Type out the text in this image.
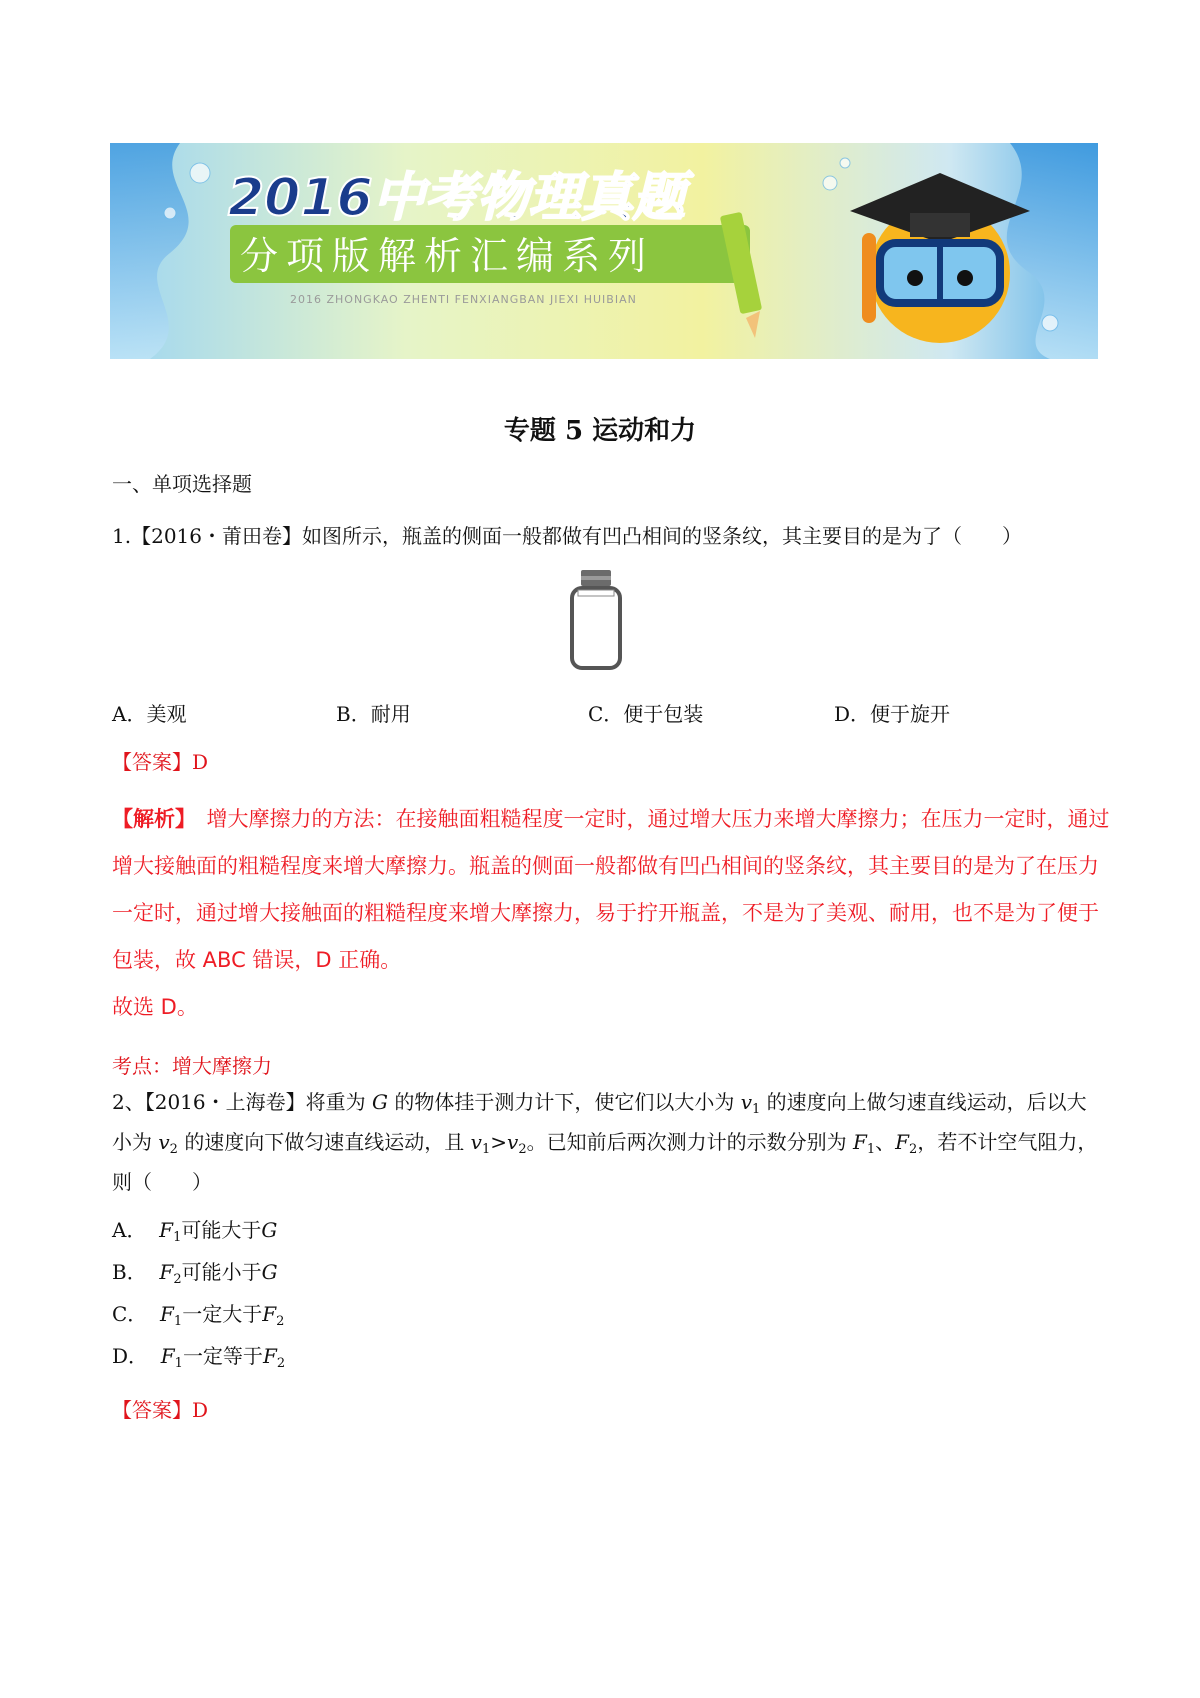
2016中考物理真题
分项版解析汇编系列
2016 ZHONGKAO ZHENTI FENXIANGBAN JIEXI HUIBIAN
专题 5 运动和力
一、单项选择题
1.【2016・莆田卷】如图所示，瓶盖的侧面一般都做有凹凸相间的竖条纹，其主要目的是为了（　　）
A．美观	B．耐用	C．便于包装	D．便于旋开
【答案】D
【解析】　 增大摩擦力的方法：在接触面粗糙程度一定时，通过增大压力来增大摩擦力；在压力一定时，通过增大接触面的粗糙程度来增大摩擦力。瓶盖的侧面一般都做有凹凸相间的竖条纹，其主要目的是为了在压力一定时，通过增大接触面的粗糙程度来增大摩擦力，易于拧开瓶盖，不是为了美观、耐用，也不是为了便于包装，故 ABC 错误，D 正确。
故选 D。
考点：增大摩擦力
2、【2016・上海卷】将重为 G 的物体挂于测力计下，使它们以大小为 $v_1$ 的速度向上做匀速直线运动，后以大小为 $v_2$ 的速度向下做匀速直线运动，且 $v_1>v_2$。已知前后两次测力计的示数分别为 $F_1$、$F_2$，若不计空气阻力，则（　　）
A． $F_1$可能大于G
B． $F_2$可能小于G
C． $F_1$一定大于$F_2$
D． $F_1$一定等于$F_2$
【答案】D
